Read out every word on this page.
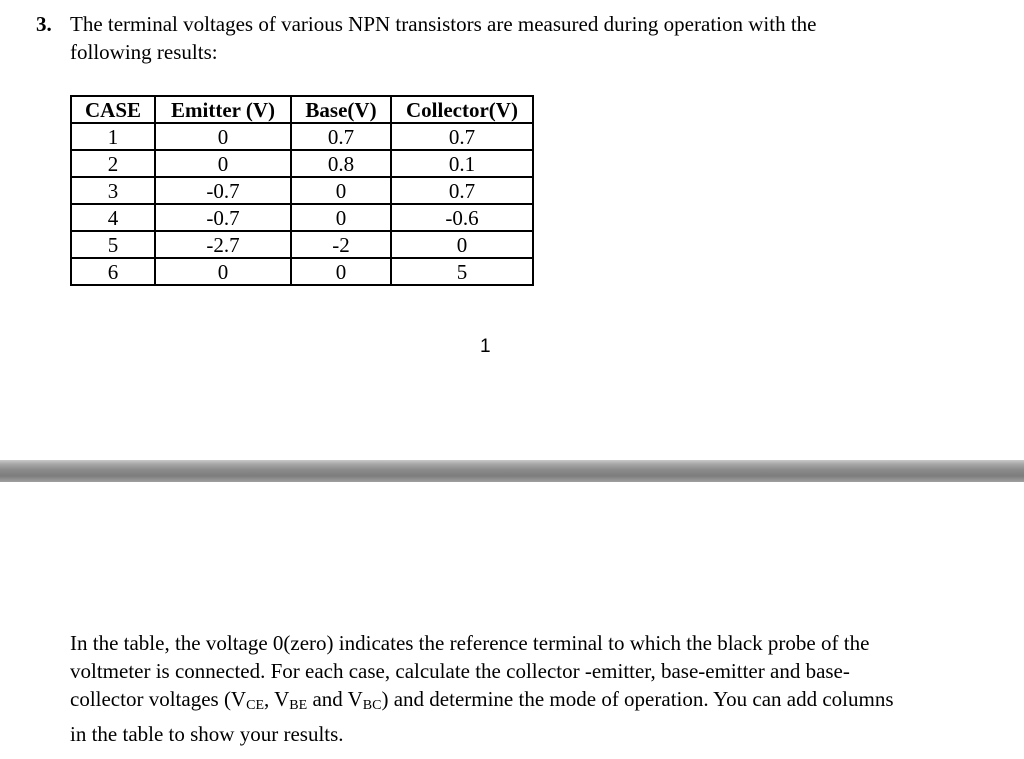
3. The terminal voltages of various NPN transistors are measured during operation with the
following results:
CASE	Emitter (V)	Base(V)	Collector(V)
1	0	0.7	0.7
2	0	0.8	0.1
3	-0.7	0	0.7
4	-0.7	0	-0.6
5	-2.7	-2	0
6	0	0	5
1
In the table, the voltage 0(zero) indicates the reference terminal to which the black probe of the
voltmeter is connected. For each case, calculate the collector -emitter, base-emitter and base-
collector voltages ($V_{CE}$, $V_{BE}$ and $V_{BC}$) and determine the mode of operation. You can add columns
in the table to show your results.
